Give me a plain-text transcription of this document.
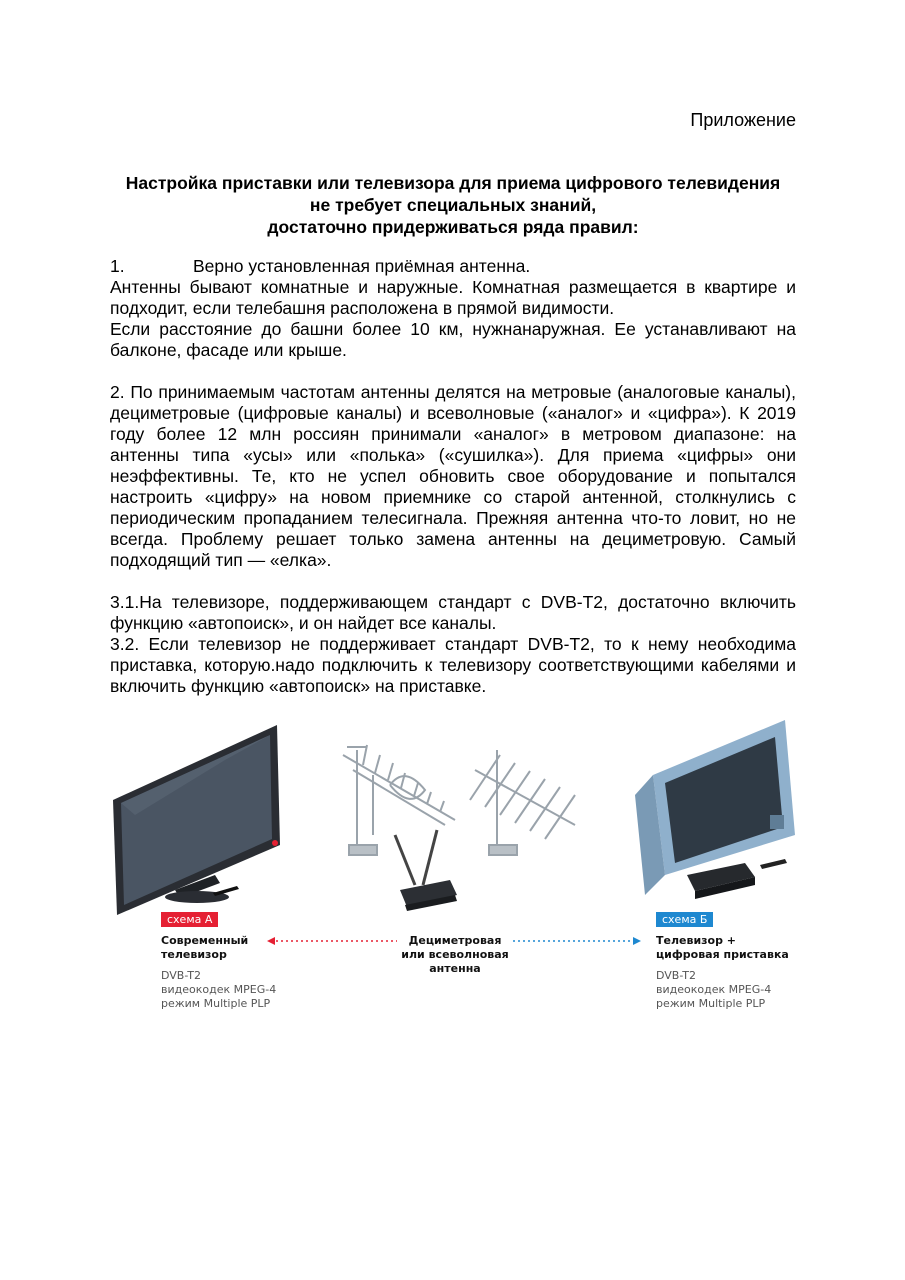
Приложение
Настройка приставки или телевизора для приема цифрового телевидения
не требует специальных знаний,
достаточно придерживаться ряда правил:
1.	Верно установленная приёмная антенна.

Антенны бывают комнатные и наружные. Комнатная размещается в квартире и подходит, если телебашня расположена в прямой видимости.

Если расстояние до башни более 10 км, нужнанаружная. Ее устанавливают на балконе, фасаде или крыше.

2. По принимаемым частотам антенны делятся на метровые (аналоговые каналы), дециметровые (цифровые каналы) и всеволновые («аналог» и «цифра»). К 2019 году более 12 млн россиян принимали «аналог» в метровом диапазоне: на антенны типа «усы» или «полька» («сушилка»). Для приема «цифры» они неэффективны. Те, кто не успел обновить свое оборудование и попытался настроить «цифру» на новом приемнике со старой антенной, столкнулись с периодическим пропаданием телесигнала. Прежняя антенна что-то ловит, но не всегда. Проблему решает только замена антенны на дециметровую. Самый подходящий тип — «елка».

3.1.На телевизоре, поддерживающем стандарт с DVB-T2, достаточно включить функцию «автопоиск», и он найдет все каналы.

3.2. Если телевизор не поддерживает стандарт DVB-T2, то к нему необходима приставка, которую.надо подключить к телевизору соответствующими кабелями и включить функцию «автопоиск» на приставке.

схема А
Современный
телевизор
DVB-T2
видеокодек MPEG-4
режим Multiple PLP
Дециметровая
или всеволновая
антенна
схема Б
Телевизор +
цифровая приставка
DVB-T2
видеокодек MPEG-4
режим Multiple PLP
